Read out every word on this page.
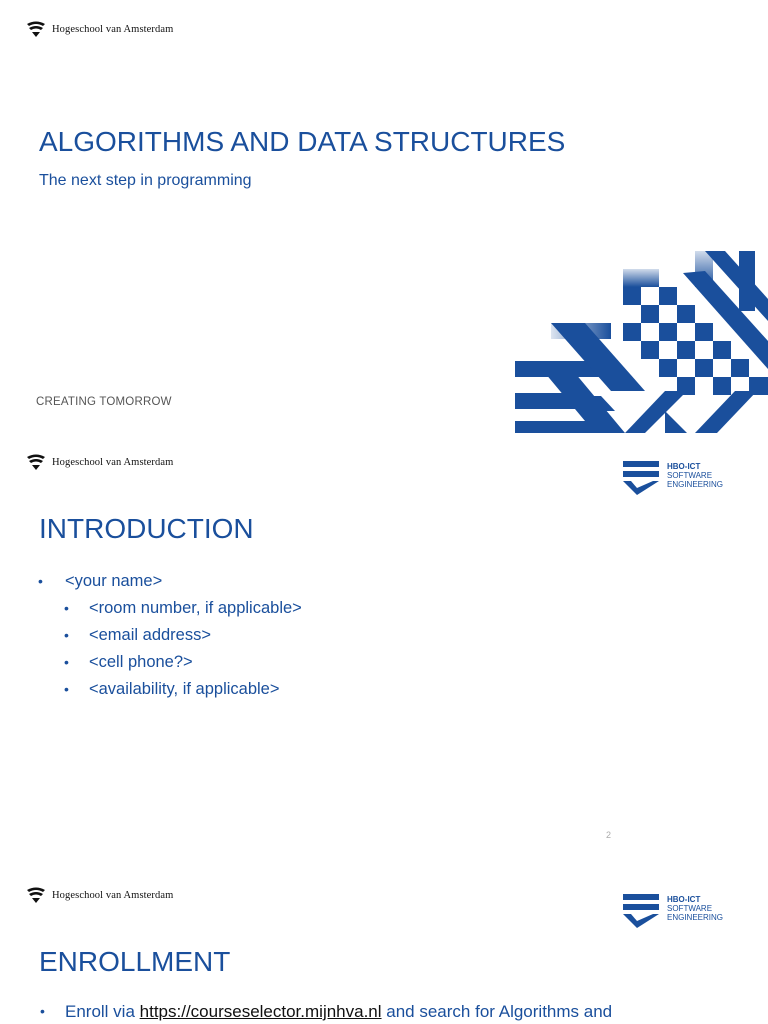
Hogeschool van Amsterdam
ALGORITHMS AND DATA STRUCTURES
The next step in programming
CREATING TOMORROW
Hogeschool van Amsterdam	HBO-ICT
SOFTWARE
ENGINEERING
INTRODUCTION
• <your name>
• <room number, if applicable>
• <email address>
• <cell phone?>
• <availability, if applicable>
2
Hogeschool van Amsterdam	HBO-ICT
SOFTWARE
ENGINEERING
ENROLLMENT
• Enroll via https://courseselector.mijnhva.nl and search for Algorithms and
